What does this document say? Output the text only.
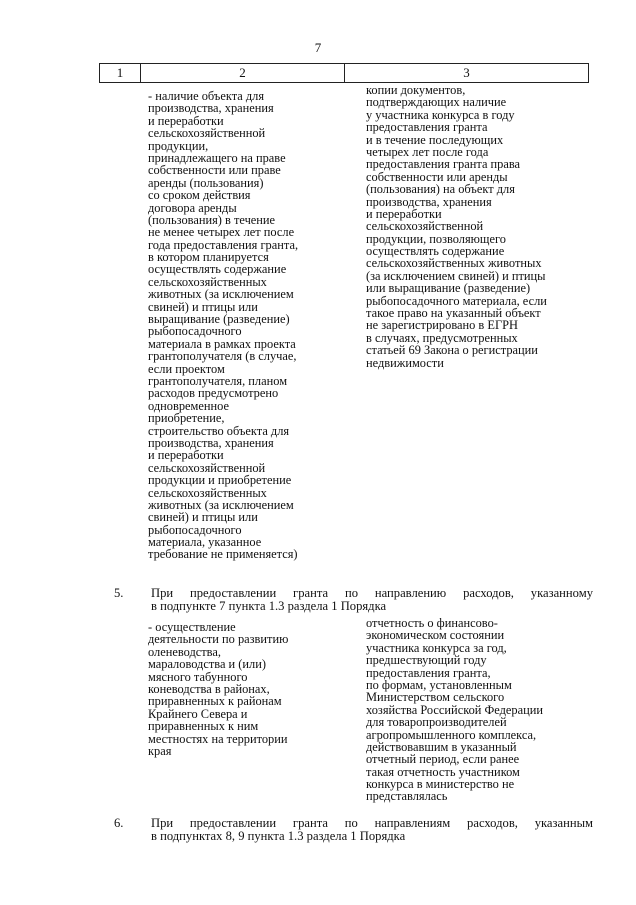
7
1	2	3
- наличие объекта для
производства, хранения
и переработки
сельскохозяйственной
продукции,
принадлежащего на праве
собственности или праве
аренды (пользования)
со сроком действия
договора аренды
(пользования) в течение
не менее четырех лет после
года предоставления гранта,
в котором планируется
осуществлять содержание
сельскохозяйственных
животных (за исключением
свиней) и птицы или
выращивание (разведение)
рыбопосадочного
материала в рамках проекта
грантополучателя (в случае,
если проектом
грантополучателя, планом
расходов предусмотрено
одновременное
приобретение,
строительство объекта для
производства, хранения
и переработки
сельскохозяйственной
продукции и приобретение
сельскохозяйственных
животных (за исключением
свиней) и птицы или
рыбопосадочного
материала, указанное
требование не применяется)
копии документов,
подтверждающих наличие
у участника конкурса в году
предоставления гранта
и в течение последующих
четырех лет после года
предоставления гранта права
собственности или аренды
(пользования) на объект для
производства, хранения
и переработки
сельскохозяйственной
продукции, позволяющего
осуществлять содержание
сельскохозяйственных животных
(за исключением свиней) и птицы
или выращивание (разведение)
рыбопосадочного материала, если
такое право на указанный объект
не зарегистрировано в ЕГРН
в случаях, предусмотренных
статьей 69 Закона о регистрации
недвижимости
5. При предоставлении гранта по направлению расходов, указанному
в подпункте 7 пункта 1.3 раздела 1 Порядка
- осуществление
деятельности по развитию
оленеводства,
мараловодства и (или)
мясного табунного
коневодства в районах,
приравненных к районам
Крайнего Севера и
приравненных к ним
местностях на территории
края
отчетность о финансово-
экономическом состоянии
участника конкурса за год,
предшествующий году
предоставления гранта,
по формам, установленным
Министерством сельского
хозяйства Российской Федерации
для товаропроизводителей
агропромышленного комплекса,
действовавшим в указанный
отчетный период, если ранее
такая отчетность участником
конкурса в министерство не
представлялась
6. При предоставлении гранта по направлениям расходов, указанным
в подпунктах 8, 9 пункта 1.3 раздела 1 Порядка
